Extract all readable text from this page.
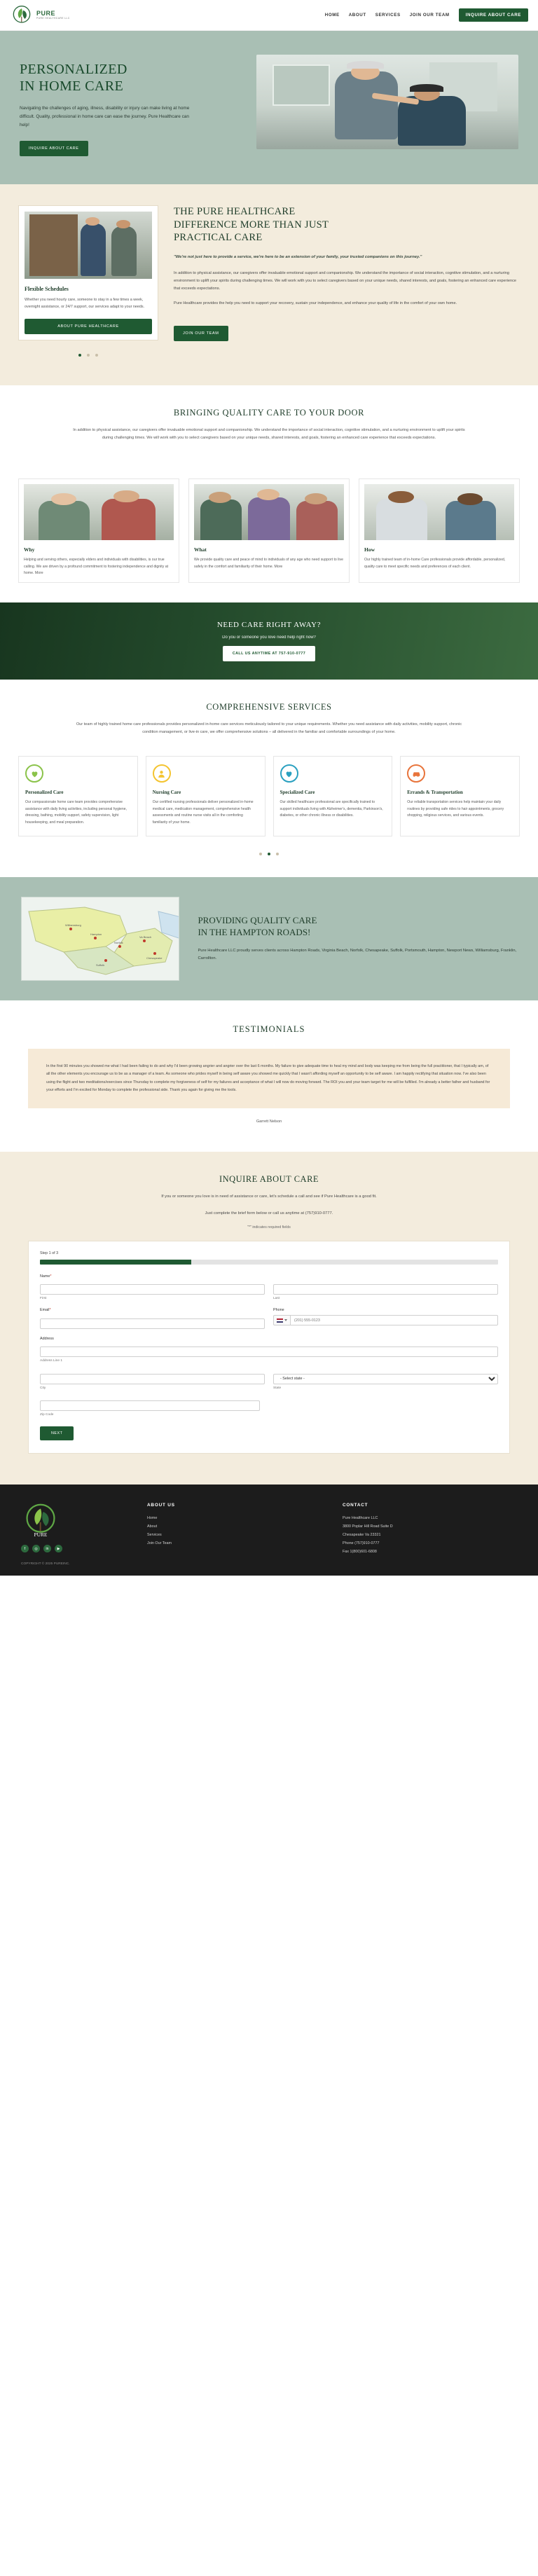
PURE
PURE HEALTHCARE LLC
HOME ABOUT SERVICES JOIN OUR TEAM	INQUIRE ABOUT CARE
PERSONALIZED
IN HOME CARE

Navigating the challenges of aging, illness, disability or injury can make living at home difficult. Quality, professional in home care can ease the journey. Pure Healthcare can help!

INQUIRE ABOUT CARE
Flexible Schedules

Whether you need hourly care, someone to stay in a few times a week, overnight assistance, or 24/7 support, our services adapt to your needs.

ABOUT PURE HEALTHCARE

THE PURE HEALTHCARE
DIFFERENCE MORE THAN JUST
PRACTICAL CARE
"We're not just here to provide a service, we're here to be an extension of your family, your trusted companions on this journey."

In addition to physical assistance, our caregivers offer invaluable emotional support and companionship. We understand the importance of social interaction, cognitive stimulation, and a nurturing environment to uplift your spirits during challenging times. We will work with you to select caregivers based on your unique needs, shared interests, and goals, fostering an enhanced care experience that exceeds expectations.

Pure Healthcare provides the help you need to support your recovery, sustain your independence, and enhance your quality of life in the comfort of your own home.

JOIN OUR TEAM
BRINGING QUALITY CARE TO YOUR DOOR

In addition to physical assistance, our caregivers offer invaluable emotional support and companionship. We understand the importance of social interaction, cognitive stimulation, and a nurturing environment to uplift your spirits during challenging times. We will work with you to select caregivers based on your unique needs, shared interests, and goals, fostering an enhanced care experience that exceeds expectations.

Why

Helping and serving others, especially elders and individuals with disabilities, is our true calling. We are driven by a profound commitment to fostering independence and dignity at home. More

What

We provide quality care and peace of mind to individuals of any age who need support to live safely in the comfort and familiarity of their home. More

How

Our highly trained team of in-home Care professionals provide affordable, personalized, quality care to meet specific needs and preferences of each client.

NEED CARE RIGHT AWAY?

Do you or someone you love need help right now?

CALL US ANYTIME AT 757-910-0777
COMPREHENSIVE SERVICES

Our team of highly trained home care professionals provides personalized in-home care services meticulously tailored to your unique requirements. Whether you need assistance with daily activities, mobility support, chronic condition management, or live-in care, we offer comprehensive solutions – all delivered in the familiar and comfortable surroundings of your home.

Personalized Care

Our compassionate home care team provides comprehensive assistance with daily living activities, including personal hygiene, dressing, bathing, mobility support, safety supervision, light housekeeping, and meal preparation.

Nursing Care

Our certified nursing professionals deliver personalized in-home medical care, medication management, comprehensive health assessments and routine nurse visits all in the comforting familiarity of your home.

Specialized Care

Our skilled healthcare professional are specifically trained to support individuals living with Alzheimer's, dementia, Parkinson's, diabetes, or other chronic illness or disabilities.

Errands & Transportation

Our reliable transportation services help maintain your daily routines by providing safe rides to hair appointments, grocery shopping, religious services, and various events.

Williamsburg
Hampton
Norfolk
Va Beach
Chesapeake
Suffolk
PROVIDING QUALITY CARE
IN THE HAMPTON ROADS!

Pure Healthcare LLC proudly serves clients across Hampton Roads, Virginia Beach, Norfolk, Chesapeake, Suffolk, Portsmouth, Hampton, Newport News, Williamsburg, Franklin, Carrollton.

TESTIMONIALS

In the first 90 minutes you showed me what I had been failing to do and why I'd been growing angrier and angrier over the last 6 months. My failure to give adequate time to heal my mind and body was keeping me from being the full practitioner, that I typically am, of all the other elements you encourage us to be as a manager of a team. As someone who prides myself in being self aware you showed me quickly that I wasn't affording myself an opportunity to be self aware. I am happily rectifying that situation now. I've also been using the flight and two meditations/exercises since Thursday to complete my forgiveness of self for my failures and acceptance of what I will now do moving forward. The ROI you and your team target for me will be fulfilled. I'm already a better father and husband for your efforts and I'm excited for Monday to complete the professional side. Thank you again for giving me the tools.

Garrett Nelson
INQUIRE ABOUT CARE

If you or someone you love is in need of assistance or care, let's schedule a call and see if Pure Healthcare is a good fit.

Just complete the brief form below or call us anytime at (757)910-0777.

"*" indicates required fields
Step 1 of 3
Name*
First	Last
Email*	Phone
(201) 555-0123
Address
Address Line 1
City
- Select state -	State
Zip Code
NEXT
PURE
f	◎	in	▶
COPYRIGHT © 2025 PUREINC.
ABOUT US
Home
About
Services
Join Our Team
CONTACT
Pure Healthcare LLC
3800 Poplar Hill Road Suite D
Chesapeake Va 23321
Phone (757)910-0777
Fax 1(800)601-6808
